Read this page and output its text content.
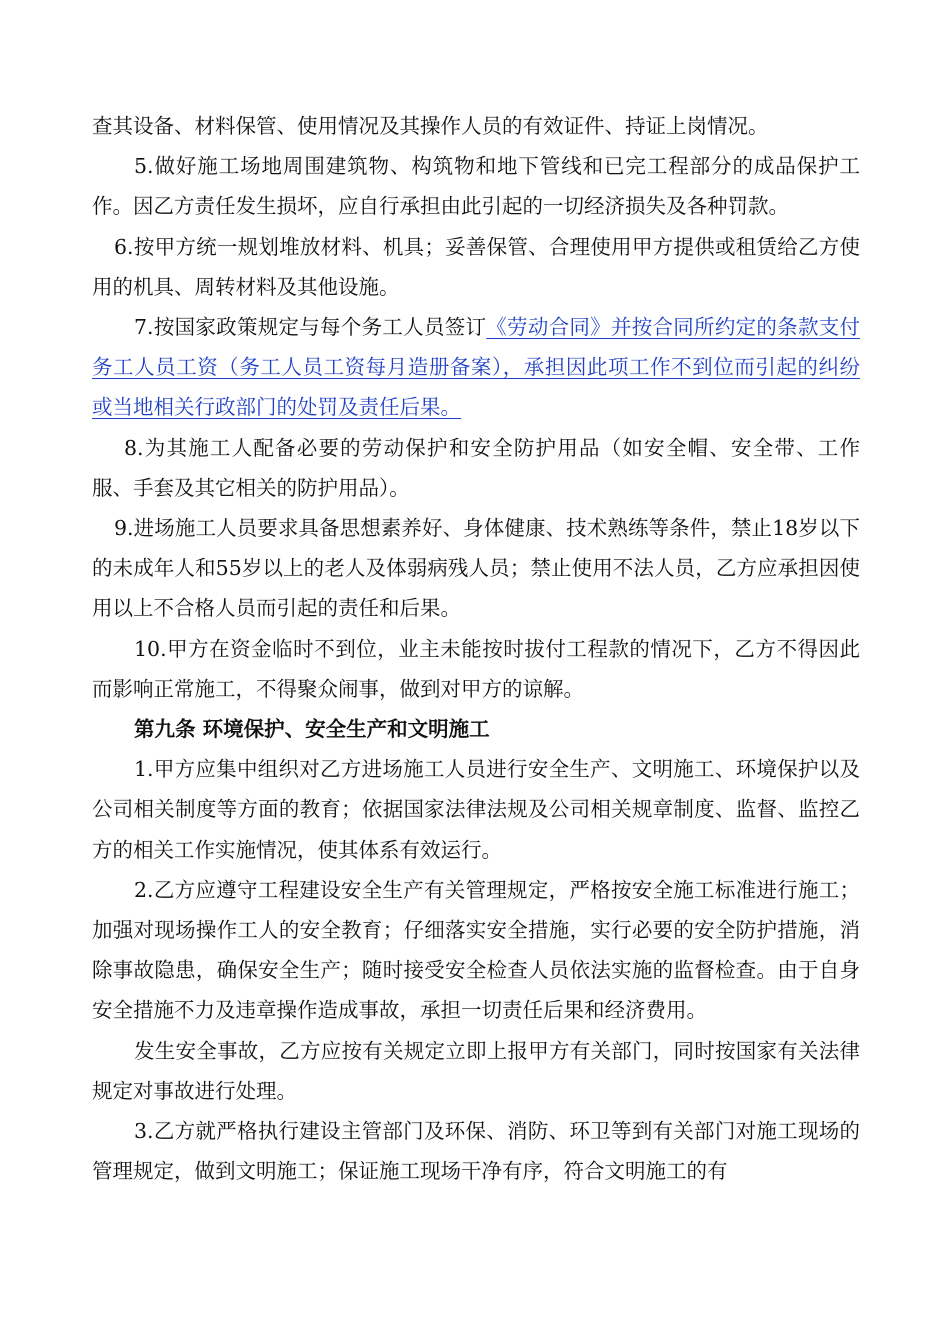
查其设备、材料保管、使用情况及其操作人员的有效证件、持证上岗情况。

5.做好施工场地周围建筑物、构筑物和地下管线和已完工程部分的成品保护工作。因乙方责任发生损坏，应自行承担由此引起的一切经济损失及各种罚款。

6.按甲方统一规划堆放材料、机具；妥善保管、合理使用甲方提供或租赁给乙方使用的机具、周转材料及其他设施。

7.按国家政策规定与每个务工人员签订《劳动合同》并按合同所约定的条款支付务工人员工资（务工人员工资每月造册备案），承担因此项工作不到位而引起的纠纷或当地相关行政部门的处罚及责任后果。

8.为其施工人配备必要的劳动保护和安全防护用品（如安全帽、安全带、工作服、手套及其它相关的防护用品）。

9.进场施工人员要求具备思想素养好、身体健康、技术熟练等条件，禁止18岁以下的未成年人和55岁以上的老人及体弱病残人员；禁止使用不法人员，乙方应承担因使用以上不合格人员而引起的责任和后果。

10.甲方在资金临时不到位，业主未能按时拔付工程款的情况下，乙方不得因此而影响正常施工，不得聚众闹事，做到对甲方的谅解。

第九条 环境保护、安全生产和文明施工

1.甲方应集中组织对乙方进场施工人员进行安全生产、文明施工、环境保护以及公司相关制度等方面的教育；依据国家法律法规及公司相关规章制度、监督、监控乙方的相关工作实施情况，使其体系有效运行。

2.乙方应遵守工程建设安全生产有关管理规定，严格按安全施工标准进行施工；加强对现场操作工人的安全教育；仔细落实安全措施，实行必要的安全防护措施，消除事故隐患，确保安全生产；随时接受安全检查人员依法实施的监督检查。由于自身安全措施不力及违章操作造成事故，承担一切责任后果和经济费用。

发生安全事故，乙方应按有关规定立即上报甲方有关部门，同时按国家有关法律规定对事故进行处理。

3.乙方就严格执行建设主管部门及环保、消防、环卫等到有关部门对施工现场的管理规定，做到文明施工；保证施工现场干净有序，符合文明施工的有
